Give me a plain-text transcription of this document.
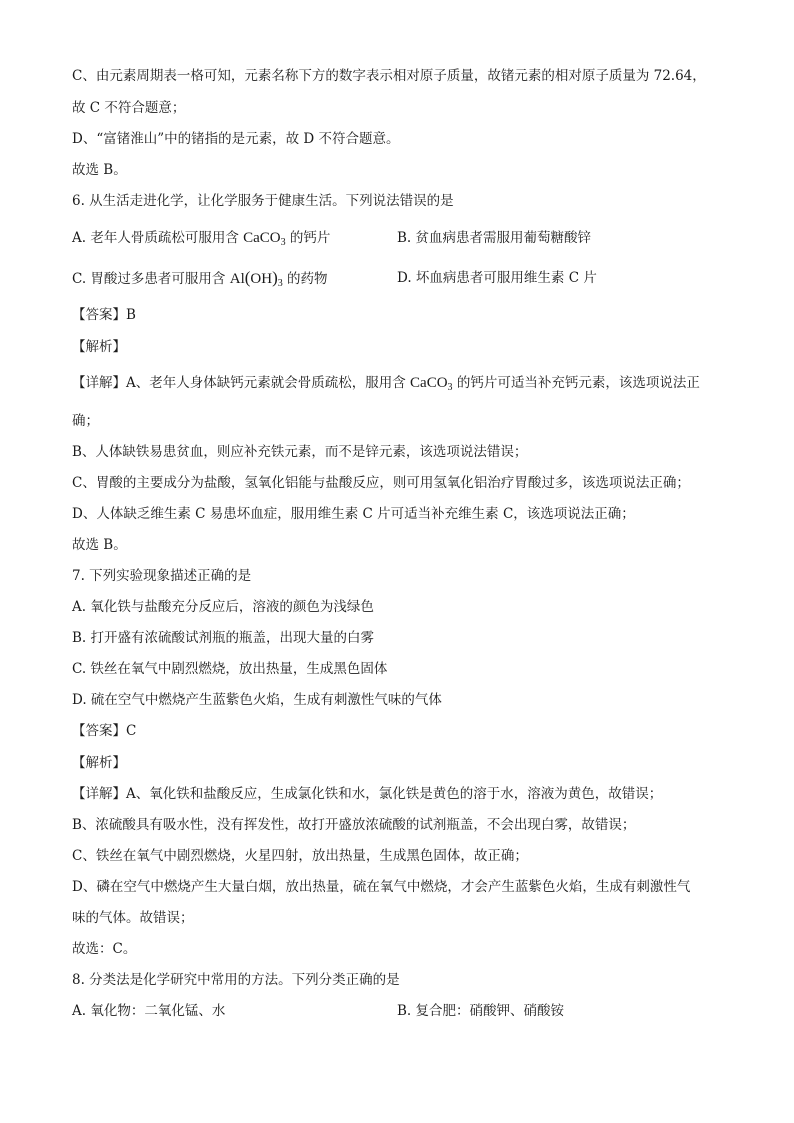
C、由元素周期表一格可知，元素名称下方的数字表示相对原子质量，故锗元素的相对原子质量为 72.64，
故 C 不符合题意；
D、“富锗淮山”中的锗指的是元素，故 D 不符合题意。
故选 B。
6. 从生活走进化学，让化学服务于健康生活。下列说法错误的是
A. 老年人骨质疏松可服用含 CaCO$_3$ 的钙片	B. 贫血病患者需服用葡萄糖酸锌
C. 胃酸过多患者可服用含 $Al(OH)_3$ 的药物	D. 坏血病患者可服用维生素 C 片
【答案】B
【解析】
【详解】A、老年人身体缺钙元素就会骨质疏松，服用含 CaCO$_3$ 的钙片可适当补充钙元素，该选项说法正
确；
B、人体缺铁易患贫血，则应补充铁元素，而不是锌元素，该选项说法错误；
C、胃酸的主要成分为盐酸，氢氧化铝能与盐酸反应，则可用氢氧化铝治疗胃酸过多，该选项说法正确；
D、人体缺乏维生素 C 易患坏血症，服用维生素 C 片可适当补充维生素 C，该选项说法正确；
故选 B。
7. 下列实验现象描述正确的是
A. 氧化铁与盐酸充分反应后，溶液的颜色为浅绿色
B. 打开盛有浓硫酸试剂瓶的瓶盖，出现大量的白雾
C. 铁丝在氧气中剧烈燃烧，放出热量，生成黑色固体
D. 硫在空气中燃烧产生蓝紫色火焰，生成有刺激性气味的气体
【答案】C
【解析】
【详解】A、氧化铁和盐酸反应，生成氯化铁和水，氯化铁是黄色的溶于水，溶液为黄色，故错误；
B、浓硫酸具有吸水性，没有挥发性，故打开盛放浓硫酸的试剂瓶盖，不会出现白雾，故错误；
C、铁丝在氧气中剧烈燃烧，火星四射，放出热量，生成黑色固体，故正确；
D、磷在空气中燃烧产生大量白烟，放出热量，硫在氧气中燃烧，才会产生蓝紫色火焰，生成有刺激性气
味的气体。故错误；
故选：C。
8. 分类法是化学研究中常用的方法。下列分类正确的是
A. 氧化物：二氧化锰、水	B. 复合肥：硝酸钾、硝酸铵
